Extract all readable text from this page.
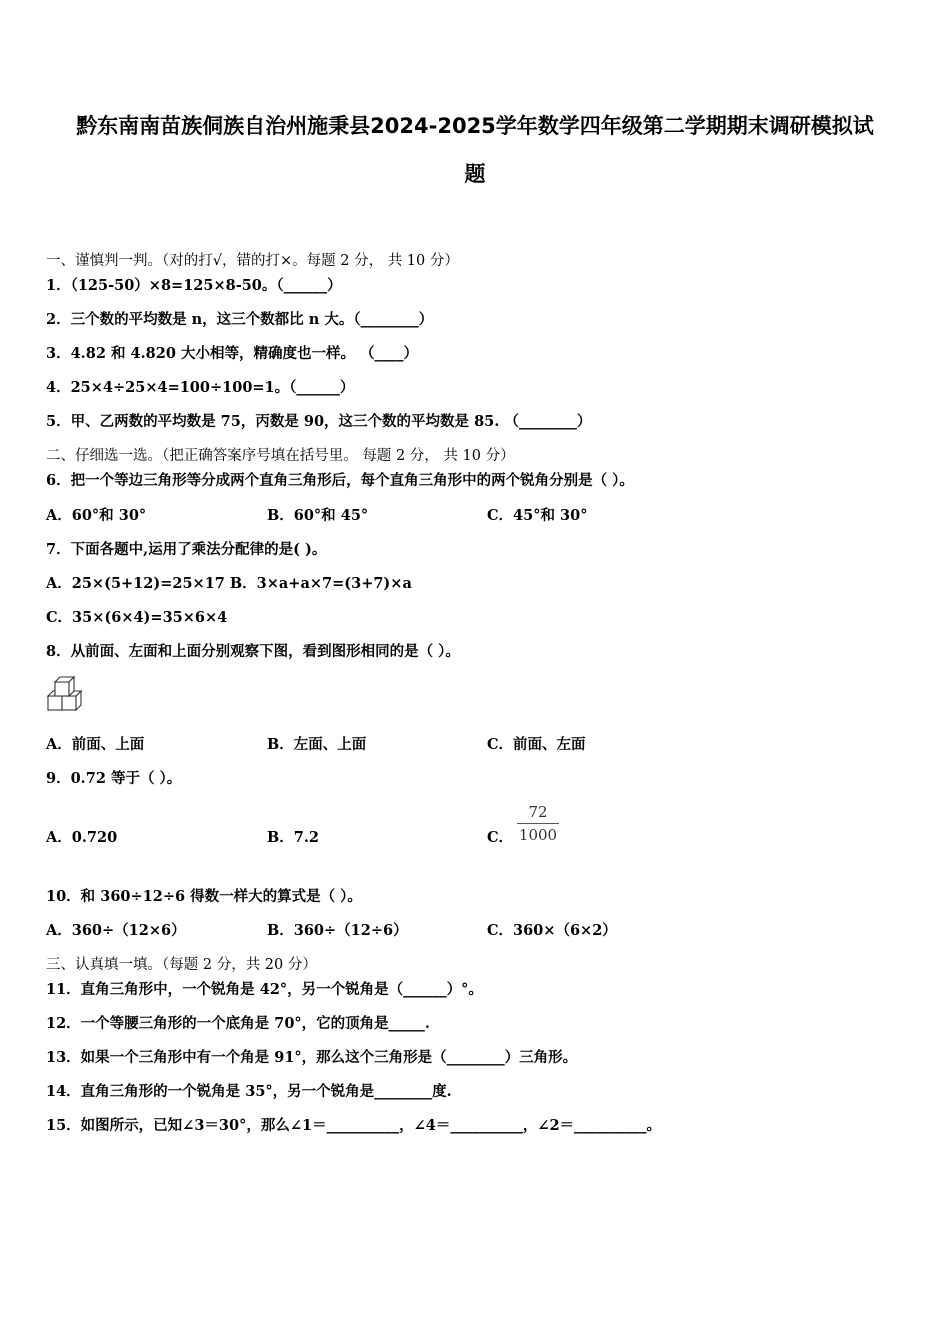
黔东南南苗族侗族自治州施秉县2024-2025学年数学四年级第二学期期末调研模拟试
题
一、谨慎判一判。（对的打√，错的打×。每题 2 分， 共 10 分）
1．（125-50）×8=125×8-50。（______）
2．三个数的平均数是 n，这三个数都比 n 大。（________）
3．4.82 和 4.820 大小相等，精确度也一样。 （____）
4．25×4÷25×4=100÷100=1。（______）
5．甲、乙两数的平均数是 75，丙数是 90，这三个数的平均数是 85. （________）
二、仔细选一选。（把正确答案序号填在括号里。 每题 2 分， 共 10 分）
6．把一个等边三角形等分成两个直角三角形后，每个直角三角形中的两个锐角分别是（ ）。
A．60°和 30°	B．60°和 45°	C．45°和 30°
7．下面各题中,运用了乘法分配律的是( )。
A．25×(5+12)=25×17 B．3×a+a×7=(3+7)×a
C．35×(6×4)=35×6×4
8．从前面、左面和上面分别观察下图，看到图形相同的是（ ）。
A．前面、上面	B．左面、上面	C．前面、左面
9．0.72 等于（ ）。
A．0.720	B．7.2	C．
72
1000
10．和 360÷12÷6 得数一样大的算式是（ ）。
A．360÷（12×6）	B．360÷（12÷6）	C．360×（6×2）
三、认真填一填。（每题 2 分，共 20 分）
11．直角三角形中，一个锐角是 42°，另一个锐角是（______）°。
12．一个等腰三角形的一个底角是 70°，它的顶角是_____.
13．如果一个三角形中有一个角是 91°，那么这个三角形是（________）三角形。
14．直角三角形的一个锐角是 35°，另一个锐角是________度.
15．如图所示，已知∠3＝30°，那么∠1＝__________，∠4＝__________，∠2＝__________。
